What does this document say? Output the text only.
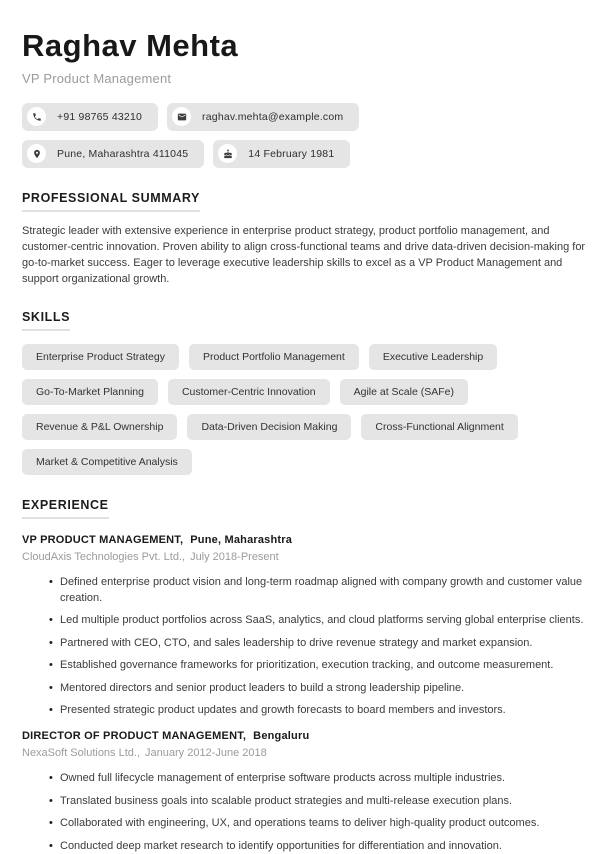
Raghav Mehta
VP Product Management
+91 98765 43210	raghav.mehta@example.com
Pune, Maharashtra 411045	14 February 1981
PROFESSIONAL SUMMARY
Strategic leader with extensive experience in enterprise product strategy, product portfolio management, and customer-centric innovation. Proven ability to align cross-functional teams and drive data-driven decision-making for go-to-market success. Eager to leverage executive leadership skills to excel as a VP Product Management and support organizational growth.
SKILLS
Enterprise Product Strategy	Product Portfolio Management	Executive Leadership
Go-To-Market Planning	Customer-Centric Innovation	Agile at Scale (SAFe)
Revenue & P&L Ownership	Data-Driven Decision Making	Cross-Functional Alignment
Market & Competitive Analysis
EXPERIENCE
VP PRODUCT MANAGEMENT, Pune, Maharashtra
CloudAxis Technologies Pvt. Ltd., July 2018-Present
• Defined enterprise product vision and long-term roadmap aligned with company growth and customer value creation.
• Led multiple product portfolios across SaaS, analytics, and cloud platforms serving global enterprise clients.
• Partnered with CEO, CTO, and sales leadership to drive revenue strategy and market expansion.
• Established governance frameworks for prioritization, execution tracking, and outcome measurement.
• Mentored directors and senior product leaders to build a strong leadership pipeline.
• Presented strategic product updates and growth forecasts to board members and investors.
DIRECTOR OF PRODUCT MANAGEMENT, Bengaluru
NexaSoft Solutions Ltd., January 2012-June 2018
• Owned full lifecycle management of enterprise software products across multiple industries.
• Translated business goals into scalable product strategies and multi-release execution plans.
• Collaborated with engineering, UX, and operations teams to deliver high-quality product outcomes.
• Conducted deep market research to identify opportunities for differentiation and innovation.
